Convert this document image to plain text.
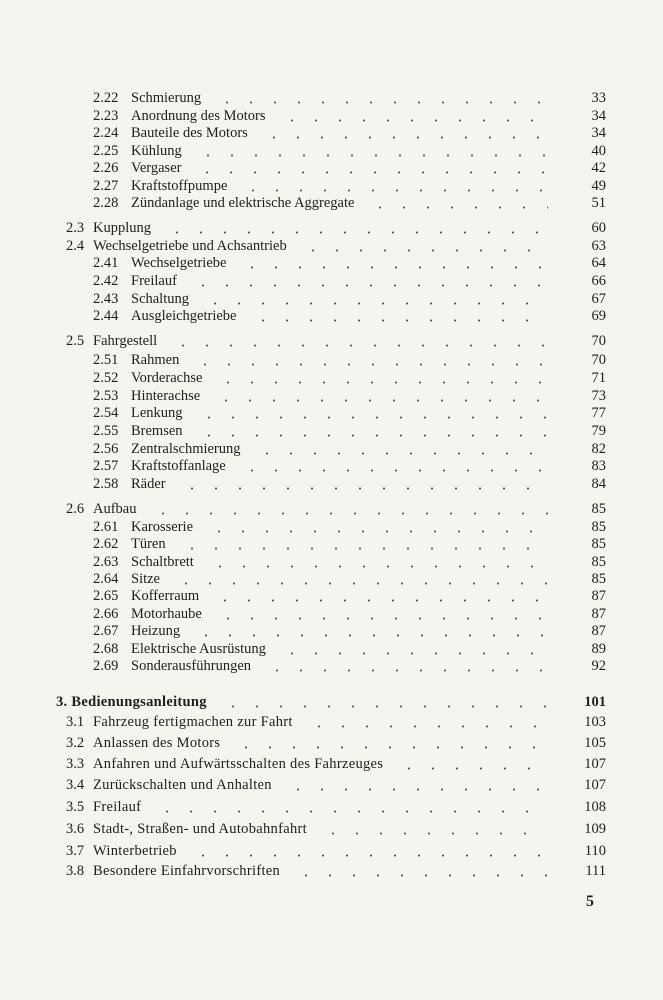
2.22 Schmierung	33
2.23 Anordnung des Motors	34
2.24 Bauteile des Motors	34
2.25 Kühlung	40
2.26 Vergaser	42
2.27 Kraftstoffpumpe	49
2.28 Zündanlage und elektrische Aggregate	51
2.3 Kupplung	60
2.4 Wechselgetriebe und Achsantrieb	63
2.41 Wechselgetriebe	64
2.42 Freilauf	66
2.43 Schaltung	67
2.44 Ausgleichgetriebe	69
2.5 Fahrgestell	70
2.51 Rahmen	70
2.52 Vorderachse	71
2.53 Hinterachse	73
2.54 Lenkung	77
2.55 Bremsen	79
2.56 Zentralschmierung	82
2.57 Kraftstoffanlage	83
2.58 Räder	84
2.6 Aufbau	85
2.61 Karosserie	85
2.62 Türen	85
2.63 Schaltbrett	85
2.64 Sitze	85
2.65 Kofferraum	87
2.66 Motorhaube	87
2.67 Heizung	87
2.68 Elektrische Ausrüstung	89
2.69 Sonderausführungen	92
3. Bedienungsanleitung	101
3.1 Fahrzeug fertigmachen zur Fahrt	103
3.2 Anlassen des Motors	105
3.3 Anfahren und Aufwärtsschalten des Fahrzeuges	107
3.4 Zurückschalten und Anhalten	107
3.5 Freilauf	108
3.6 Stadt-, Straßen- und Autobahnfahrt	109
3.7 Winterbetrieb	110
3.8 Besondere Einfahrvorschriften	111
5
